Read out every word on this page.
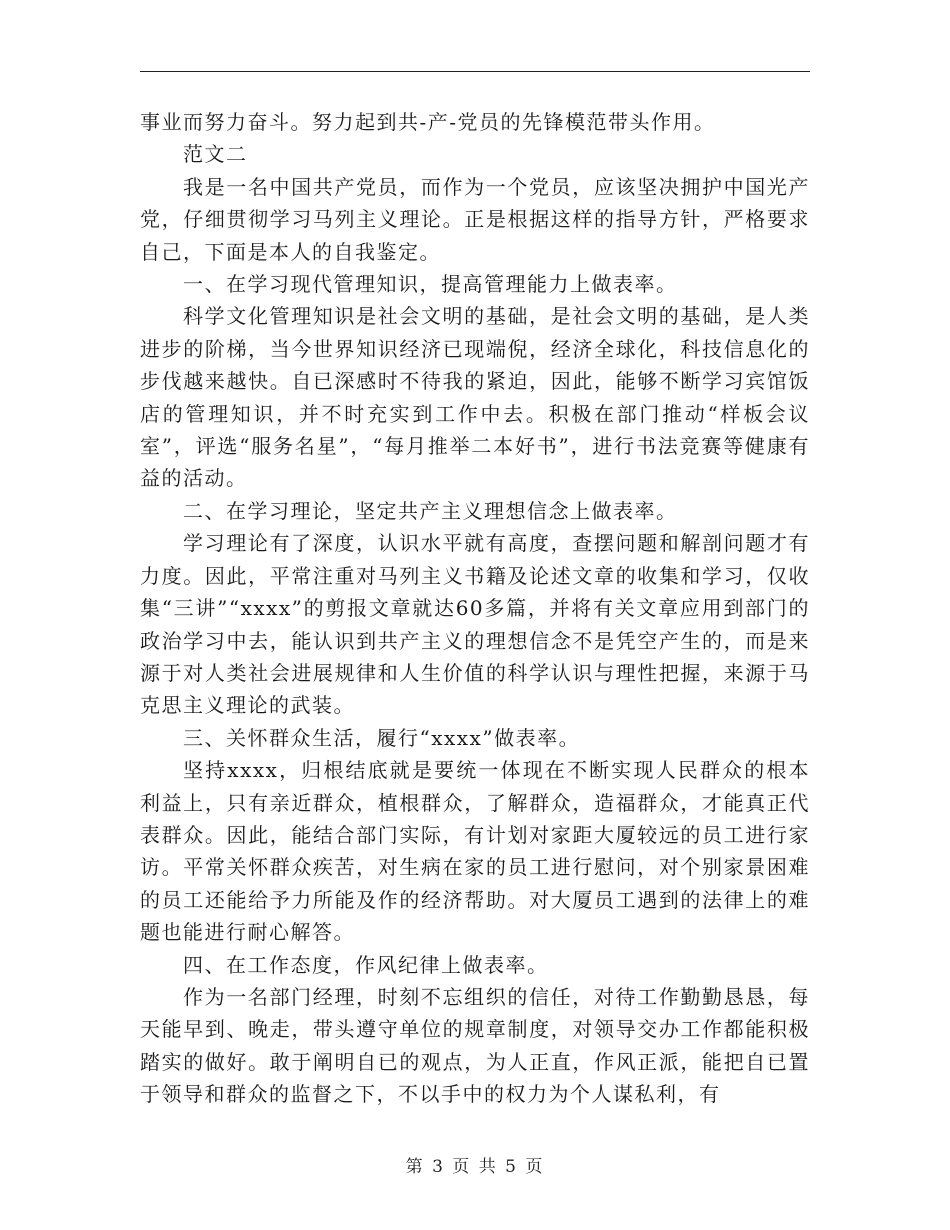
事业而努力奋斗。努力起到共-产-党员的先锋模范带头作用。

范文二

我是一名中国共产党员，而作为一个党员，应该坚决拥护中国光产党，仔细贯彻学习马列主义理论。正是根据这样的指导方针，严格要求自己，下面是本人的自我鉴定。

一、在学习现代管理知识，提高管理能力上做表率。

科学文化管理知识是社会文明的基础，是社会文明的基础，是人类进步的阶梯，当今世界知识经济已现端倪，经济全球化，科技信息化的步伐越来越快。自已深感时不待我的紧迫，因此，能够不断学习宾馆饭店的管理知识，并不时充实到工作中去。积极在部门推动“样板会议室”，评选“服务名星”，“每月推举二本好书”，进行书法竞赛等健康有益的活动。

二、在学习理论，坚定共产主义理想信念上做表率。

学习理论有了深度，认识水平就有高度，查摆问题和解剖问题才有力度。因此，平常注重对马列主义书籍及论述文章的收集和学习，仅收集“三讲”“xxxx”的剪报文章就达60多篇，并将有关文章应用到部门的政治学习中去，能认识到共产主义的理想信念不是凭空产生的，而是来源于对人类社会进展规律和人生价值的科学认识与理性把握，来源于马克思主义理论的武装。

三、关怀群众生活，履行“xxxx”做表率。

坚持xxxx，归根结底就是要统一体现在不断实现人民群众的根本利益上，只有亲近群众，植根群众，了解群众，造福群众，才能真正代表群众。因此，能结合部门实际，有计划对家距大厦较远的员工进行家访。平常关怀群众疾苦，对生病在家的员工进行慰问，对个别家景困难的员工还能给予力所能及作的经济帮助。对大厦员工遇到的法律上的难题也能进行耐心解答。

四、在工作态度，作风纪律上做表率。

作为一名部门经理，时刻不忘组织的信任，对待工作勤勤恳恳，每天能早到、晚走，带头遵守单位的规章制度，对领导交办工作都能积极踏实的做好。敢于阐明自已的观点，为人正直，作风正派，能把自已置于领导和群众的监督之下，不以手中的权力为个人谋私利，有

第 3 页 共 5 页
